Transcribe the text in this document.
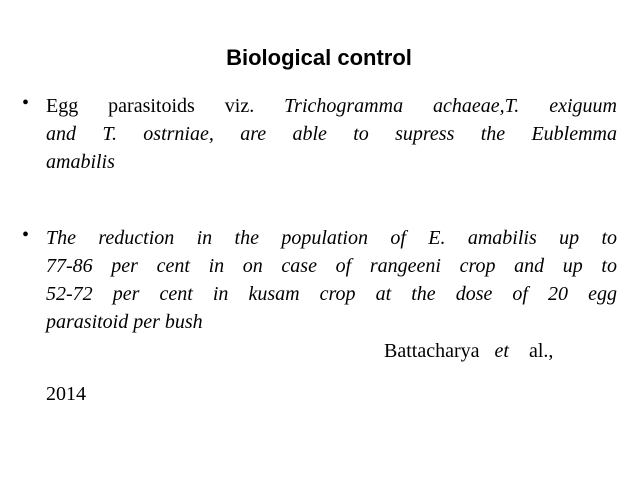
Biological control
• Egg parasitoids viz. Trichogramma achaeae,T. exiguum
and T. ostrniae, are able to supress the Eublemma
amabilis
• The reduction in the population of E. amabilis up to
77-86 per cent in on case of rangeeni crop and up to
52-72 per cent in kusam crop at the dose of 20 egg
parasitoid per bush
Battacharya et al.,
2014
